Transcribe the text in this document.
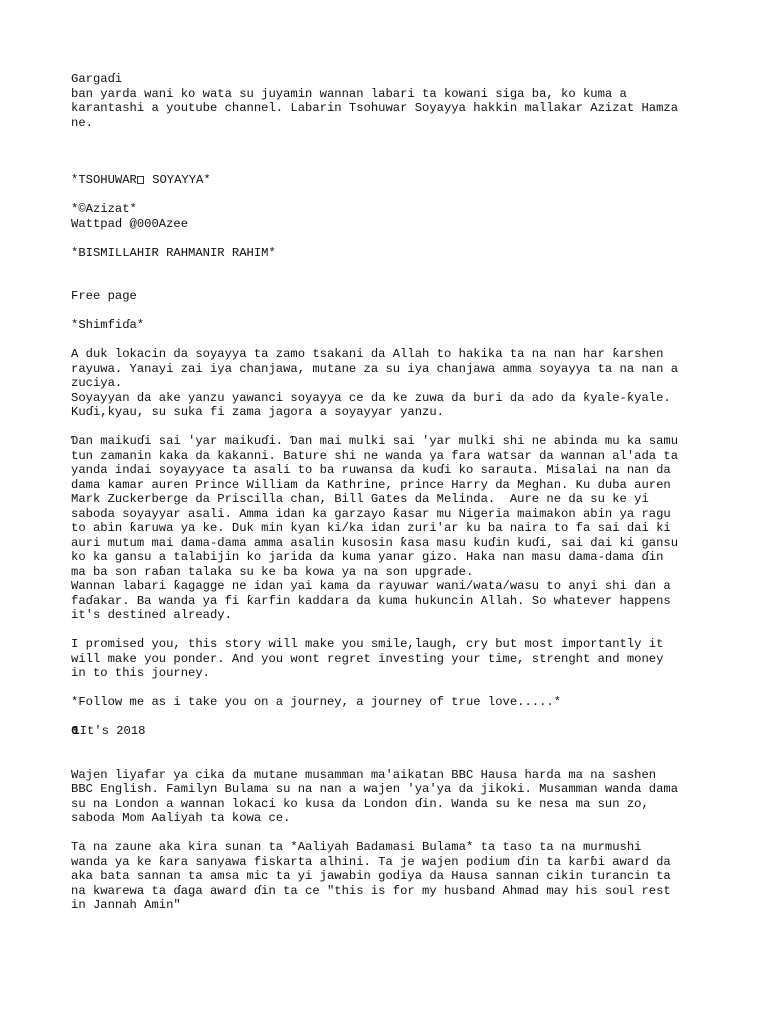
Gargaɗi
ban yarda wani ko wata su juyamin wannan labari ta kowani siga ba, ko kuma a
karantashi a youtube channel. Labarin Tsohuwar Soyayya hakkin mallakar Azizat Hamza
ne.
*TSOHUWAR SOYAYYA*
*©Azizat*
Wattpad @000Azee
*BISMILLAHIR RAHMANIR RAHIM*
Free page
*Shimfiɗa*
A duk lokacin da soyayya ta zamo tsakani da Allah to hakika ta na nan har ƙarshen
rayuwa. Yanayi zai iya chanjawa, mutane za su iya chanjawa amma soyayya ta na nan a
zuciya.
Soyayyan da ake yanzu yawanci soyayya ce da ke zuwa da buri da ado da ƙyale-ƙyale.
Kuɗi,kyau, su suka fi zama jagora a soyayyar yanzu.
Ɗan maikuɗi sai 'yar maikuɗi. Ɗan mai mulki sai 'yar mulki shi ne abinda mu ka samu
tun zamanin kaka da kakanni. Bature shi ne wanda ya fara watsar da wannan al'ada ta
yanda indai soyayyace ta asali to ba ruwansa da kuɗi ko sarauta. Misalai na nan da
dama kamar auren Prince William da Kathrine, prince Harry da Meghan. Ku duba auren
Mark Zuckerberge da Priscilla chan, Bill Gates da Melinda.  Aure ne da su ke yi
saboda soyayyar asali. Amma idan ka garzayo ƙasar mu Nigeria maimakon abin ya ragu
to abin ƙaruwa ya ke. Duk min kyan ki/ka idan zuri'ar ku ba naira to fa sai dai ki
auri mutum mai dama-dama amma asalin kusosin ƙasa masu kuɗin kuɗi, sai dai ki gansu
ko ka gansu a talabijin ko jarida da kuma yanar gizo. Haka nan masu dama-dama ɗin
ma ba son raɓan talaka su ke ba kowa ya na son upgrade.
Wannan labari ƙagagge ne idan yai kama da rayuwar wani/wata/wasu to anyi shi dan a
faɗakar. Ba wanda ya fi ƙarfin kaddara da kuma hukuncin Allah. So whatever happens
it's destined already.
I promised you, this story will make you smile,laugh, cry but most importantly it
will make you ponder. And you wont regret investing your time, strenght and money
in to this journey.
*Follow me as i take you on a journey, a journey of true love.....*
01 It's 2018
Wajen liyafar ya cika da mutane musamman ma'aikatan BBC Hausa harda ma na sashen
BBC English. Familyn Bulama su na nan a wajen 'ya'ya da jikoki. Musamman wanda dama
su na London a wannan lokaci ko kusa da London ɗin. Wanda su ke nesa ma sun zo,
saboda Mom Aaliyah ta kowa ce.
Ta na zaune aka kira sunan ta *Aaliyah Badamasi Bulama* ta taso ta na murmushi
wanda ya ke ƙara sanyawa fiskarta alhini. Ta je wajen podium ɗin ta karɓi award da
aka bata sannan ta amsa mic ta yi jawabin godiya da Hausa sannan cikin turancin ta
na kwarewa ta ɗaga award ɗin ta ce "this is for my husband Ahmad may his soul rest
in Jannah Amin"
